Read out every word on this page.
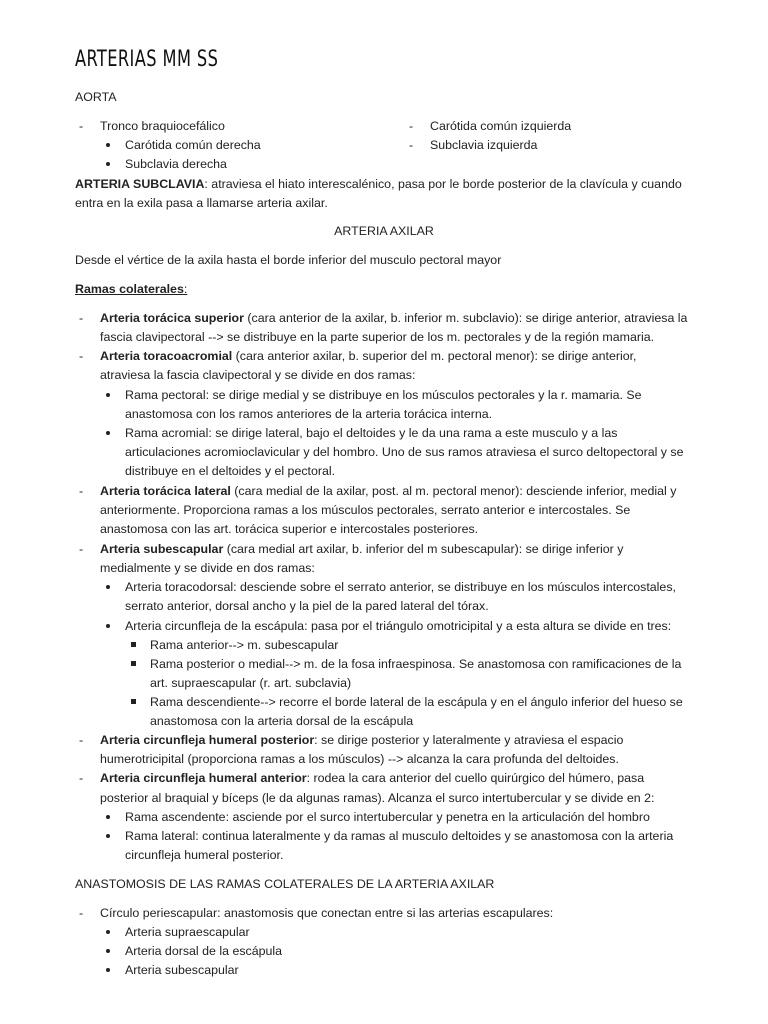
ARTERIAS MM SS
AORTA
- Tronco braquiocefálico
Carótida común derecha
Subclavia derecha
- Carótida común izquierda
- Subclavia izquierda
ARTERIA SUBCLAVIA: atraviesa el hiato interescalénico, pasa por le borde posterior de la clavícula y cuando
entra en la exila pasa a llamarse arteria axilar.
ARTERIA AXILAR
Desde el vértice de la axila hasta el borde inferior del musculo pectoral mayor
Ramas colaterales:
- Arteria torácica superior (cara anterior de la axilar, b. inferior m. subclavio): se dirige anterior, atraviesa la
fascia clavipectoral --> se distribuye en la parte superior de los m. pectorales y de la región mamaria.
- Arteria toracoacromial (cara anterior axilar, b. superior del m. pectoral menor): se dirige anterior,
atraviesa la fascia clavipectoral y se divide en dos ramas:
Rama pectoral: se dirige medial y se distribuye en los músculos pectorales y la r. mamaria. Se
anastomosa con los ramos anteriores de la arteria torácica interna.
Rama acromial: se dirige lateral, bajo el deltoides y le da una rama a este musculo y a las
articulaciones acromioclavicular y del hombro. Uno de sus ramos atraviesa el surco deltopectoral y se
distribuye en el deltoides y el pectoral.
- Arteria torácica lateral (cara medial de la axilar, post. al m. pectoral menor): desciende inferior, medial y
anteriormente. Proporciona ramas a los músculos pectorales, serrato anterior e intercostales. Se
anastomosa con las art. torácica superior e intercostales posteriores.
- Arteria subescapular (cara medial art axilar, b. inferior del m subescapular): se dirige inferior y
medialmente y se divide en dos ramas:
Arteria toracodorsal: desciende sobre el serrato anterior, se distribuye en los músculos intercostales,
serrato anterior, dorsal ancho y la piel de la pared lateral del tórax.
Arteria circunfleja de la escápula: pasa por el triángulo omotricipital y a esta altura se divide en tres:
Rama anterior--> m. subescapular
Rama posterior o medial--> m. de la fosa infraespinosa. Se anastomosa con ramificaciones de la
art. supraescapular (r. art. subclavia)
Rama descendiente--> recorre el borde lateral de la escápula y en el ángulo inferior del hueso se
anastomosa con la arteria dorsal de la escápula
- Arteria circunfleja humeral posterior: se dirige posterior y lateralmente y atraviesa el espacio
humerotricipital (proporciona ramas a los músculos) --> alcanza la cara profunda del deltoides.
- Arteria circunfleja humeral anterior: rodea la cara anterior del cuello quirúrgico del húmero, pasa
posterior al braquial y bíceps (le da algunas ramas). Alcanza el surco intertubercular y se divide en 2:
Rama ascendente: asciende por el surco intertubercular y penetra en la articulación del hombro
Rama lateral: continua lateralmente y da ramas al musculo deltoides y se anastomosa con la arteria
circunfleja humeral posterior.
ANASTOMOSIS DE LAS RAMAS COLATERALES DE LA ARTERIA AXILAR
- Círculo periescapular: anastomosis que conectan entre si las arterias escapulares:
Arteria supraescapular
Arteria dorsal de la escápula
Arteria subescapular
